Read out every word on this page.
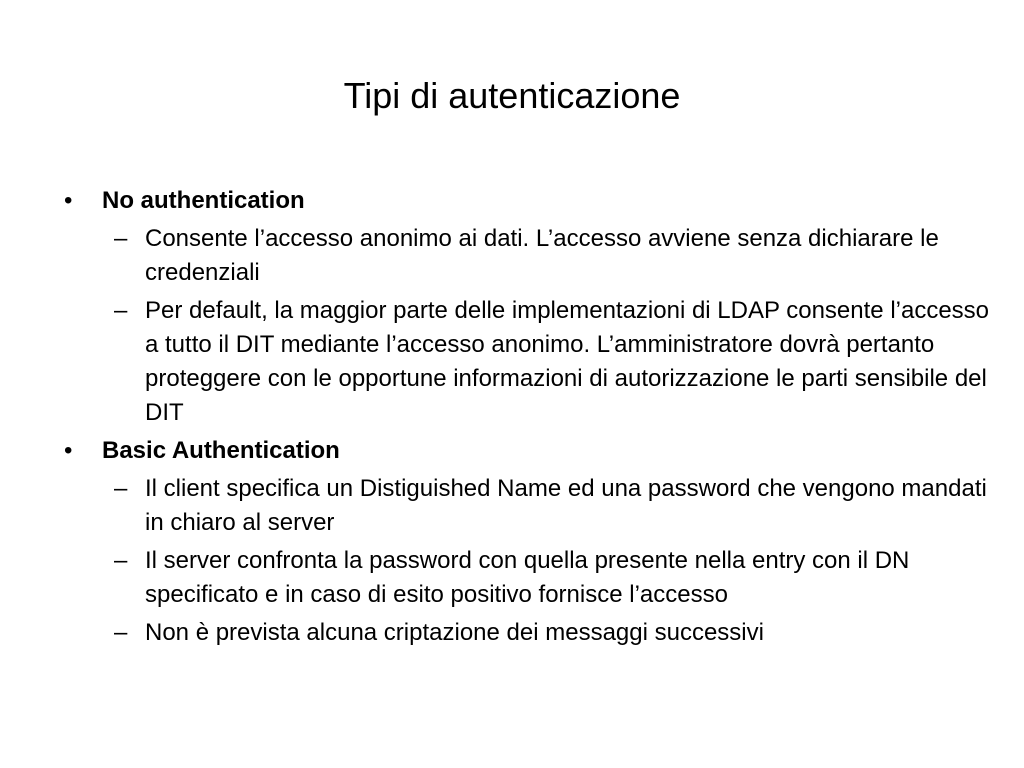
Tipi di autenticazione
• No authentication
– Consente l’accesso anonimo ai dati. L’accesso avviene senza dichiarare le credenziali
– Per default, la maggior parte delle implementazioni di LDAP consente l’accesso a tutto il DIT mediante l’accesso anonimo. L’amministratore dovrà pertanto proteggere con le opportune informazioni di autorizzazione le parti sensibile del DIT
• Basic Authentication
– Il client specifica un Distiguished Name ed una password che vengono mandati in chiaro al server
– Il server confronta la password con quella presente nella entry con il DN specificato e in caso di esito positivo fornisce l’accesso
– Non è prevista alcuna criptazione dei messaggi successivi
